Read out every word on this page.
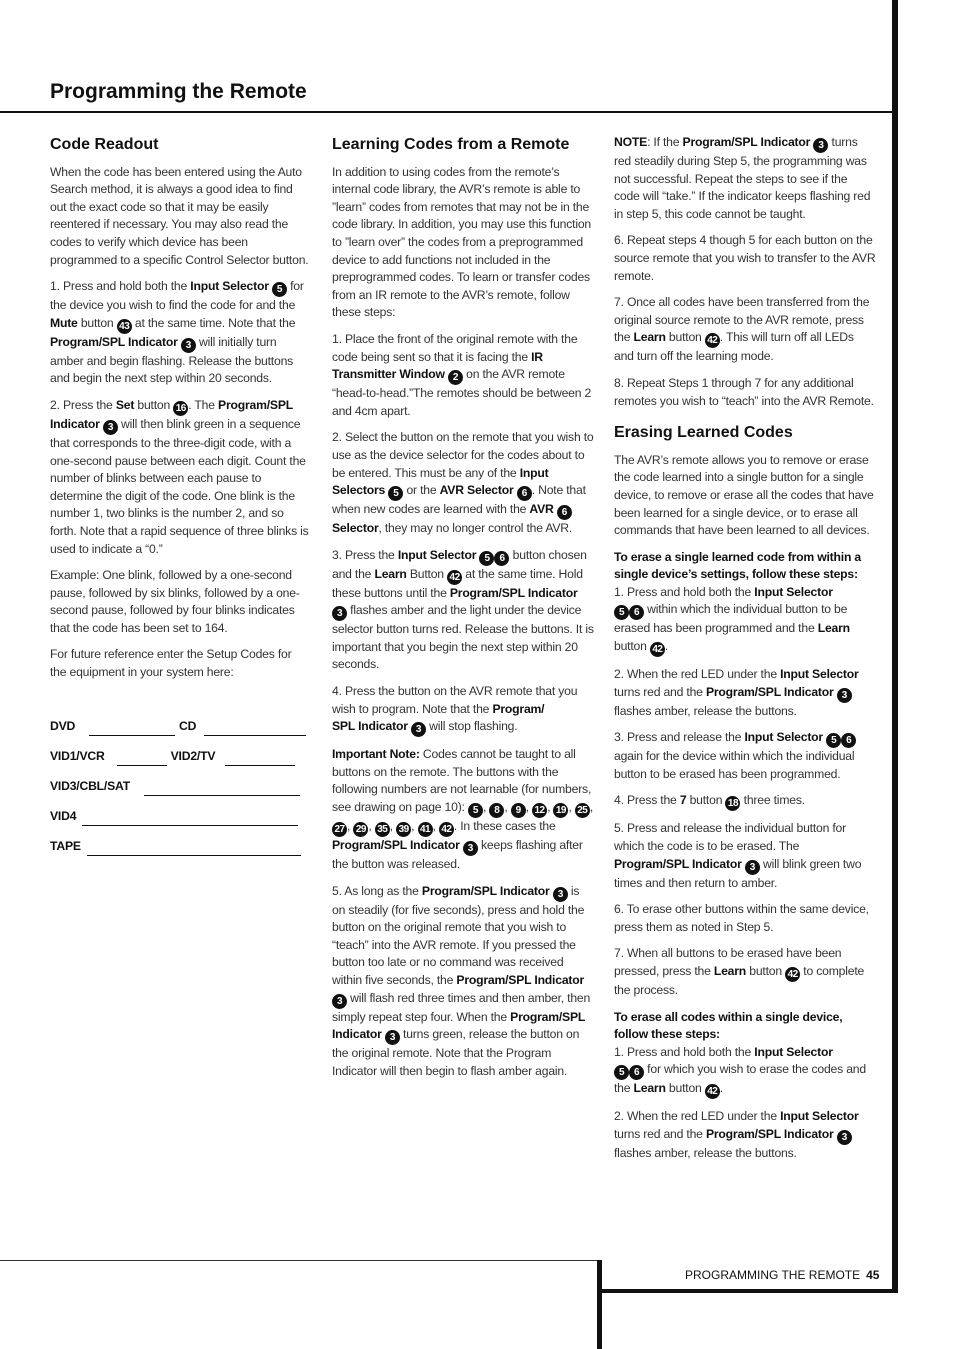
Programming the Remote
Code Readout

When the code has been entered using the Auto Search method, it is always a good idea to find out the exact code so that it may be easily reentered if necessary. You may also read the codes to verify which device has been programmed to a specific Control Selector button.

1. Press and hold both the Input Selector 5 for the device you wish to find the code for and the Mute button 43 at the same time. Note that the Program/SPL Indicator 3 will initially turn amber and begin flashing. Release the buttons and begin the next step within 20 seconds.

2. Press the Set button 16 . The Program/SPL Indicator 3 will then blink green in a sequence that corresponds to the three-digit code, with a one-second pause between each digit. Count the number of blinks between each pause to determine the digit of the code. One blink is the number 1, two blinks is the number 2, and so forth. Note that a rapid sequence of three blinks is used to indicate a “0.”

Example: One blink, followed by a one-second pause, followed by six blinks, followed by a one-second pause, followed by four blinks indicates that the code has been set to 164.

For future reference enter the Setup Codes for the equipment in your system here:

DVD	CD
VID1/VCR	VID2/TV
VID3/CBL/SAT
VID4
TAPE
Learning Codes from a Remote

In addition to using codes from the remote’s internal code library, the AVR’s remote is able to ”learn” codes from remotes that may not be in the code library. In addition, you may use this function to ”learn over” the codes from a preprogrammed device to add functions not included in the preprogrammed codes. To learn or transfer codes from an IR remote to the AVR’s remote, follow these steps:

1. Place the front of the original remote with the code being sent so that it is facing the IR Transmitter Window 2 on the AVR remote “head-to-head.”The remotes should be between 2 and 4cm apart.

2. Select the button on the remote that you wish to use as the device selector for the codes about to be entered. This must be any of the Input Selectors 5 or the AVR Selector 6 . Note that when new codes are learned with the AVR 6 Selector, they may no longer control the AVR.

3. Press the Input Selector 5 6 button chosen and the Learn Button 42 at the same time. Hold these buttons until the Program/SPL Indicator 3 flashes amber and the light under the device selector button turns red. Release the buttons. It is important that you begin the next step within 20 seconds.

4. Press the button on the AVR remote that you wish to program. Note that the Program/
SPL Indicator 3 will stop flashing.

Important Note: Codes cannot be taught to all buttons on the remote. The buttons with the following numbers are not learnable (for numbers, see drawing on page 10): 5 , 8 , 9 , 12 , 19 , 25 , 27 , 29 , 35 , 39 , 41 , 42 . In these cases the Program/SPL Indicator 3 keeps flashing after the button was released.

5. As long as the Program/SPL Indicator 3 is on steadily (for five seconds), press and hold the button on the original remote that you wish to “teach” into the AVR remote. If you pressed the button too late or no command was received within five seconds, the Program/SPL Indicator 3 will flash red three times and then amber, then simply repeat step four. When the Program/SPL Indicator 3 turns green, release the button on the original remote. Note that the Program Indicator will then begin to flash amber again.

NOTE: If the Program/SPL Indicator 3 turns red steadily during Step 5, the programming was not successful. Repeat the steps to see if the code will “take.” If the indicator keeps flashing red in step 5, this code cannot be taught.

6. Repeat steps 4 though 5 for each button on the source remote that you wish to transfer to the AVR remote.

7. Once all codes have been transferred from the original source remote to the AVR remote, press the Learn button 42 . This will turn off all LEDs and turn off the learning mode.

8. Repeat Steps 1 through 7 for any additional remotes you wish to “teach” into the AVR Remote.

Erasing Learned Codes

The AVR’s remote allows you to remove or erase the code learned into a single button for a single device, to remove or erase all the codes that have been learned for a single device, or to erase all commands that have been learned to all devices.

To erase a single learned code from within a single device’s settings, follow these steps:

1. Press and hold both the Input Selector
5 6 within which the individual button to be erased has been programmed and the Learn button 42 .

2. When the red LED under the Input Selector turns red and the Program/SPL Indicator 3 flashes amber, release the buttons.

3. Press and release the Input Selector 5 6 again for the device within which the individual button to be erased has been programmed.

4. Press the 7 button 18 three times.

5. Press and release the individual button for which the code is to be erased. The Program/SPL Indicator 3 will blink green two times and then return to amber.

6. To erase other buttons within the same device, press them as noted in Step 5.

7. When all buttons to be erased have been pressed, press the Learn button 42 to complete the process.

To erase all codes within a single device, follow these steps:

1. Press and hold both the Input Selector
5 6 for which you wish to erase the codes and the Learn button 42 .

2. When the red LED under the Input Selector turns red and the Program/SPL Indicator 3 flashes amber, release the buttons.

PROGRAMMING THE REMOTE 45
